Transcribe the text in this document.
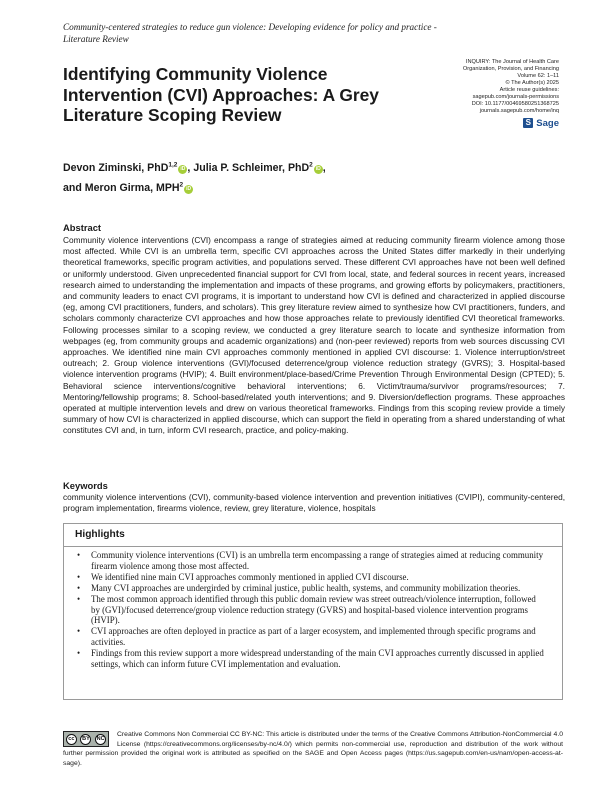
Community-centered strategies to reduce gun violence: Developing evidence for policy and practice - Literature Review
INQUIRY: The Journal of Health Care
Organization, Provision, and Financing
Volume 62: 1–11
© The Author(s) 2025
Article reuse guidelines:
sagepub.com/journals-permissions
DOI: 10.1177/00469580251368725
journals.sagepub.com/home/inq
S Sage
Identifying Community Violence Intervention (CVI) Approaches: A Grey Literature Scoping Review
Devon Ziminski, PhD$^{1,2}$iD , Julia P. Schleimer, PhD$^2$iD ,
and Meron Girma, MPH$^2$iD
Abstract

Community violence interventions (CVI) encompass a range of strategies aimed at reducing community firearm violence among those most affected. While CVI is an umbrella term, specific CVI approaches across the United States differ markedly in their underlying theoretical frameworks, specific program activities, and populations served. These different CVI approaches have not been well defined or uniformly understood. Given unprecedented financial support for CVI from local, state, and federal sources in recent years, increased research aimed to understanding the implementation and impacts of these programs, and growing efforts by policymakers, practitioners, and community leaders to enact CVI programs, it is important to understand how CVI is defined and characterized in applied discourse (eg, among CVI practitioners, funders, and scholars). This grey literature review aimed to synthesize how CVI practitioners, funders, and scholars commonly characterize CVI approaches and how those approaches relate to previously identified CVI theoretical frameworks. Following processes similar to a scoping review, we conducted a grey literature search to locate and synthesize information from webpages (eg, from community groups and academic organizations) and (non-peer reviewed) reports from web sources discussing CVI approaches. We identified nine main CVI approaches commonly mentioned in applied CVI discourse: 1. Violence interruption/street outreach; 2. Group violence interventions (GVI)/focused deterrence/group violence reduction strategy (GVRS); 3. Hospital-based violence intervention programs (HVIP); 4. Built environment/place-based/Crime Prevention Through Environmental Design (CPTED); 5. Behavioral science interventions/cognitive behavioral interventions; 6. Victim/trauma/survivor programs/resources; 7. Mentoring/fellowship programs; 8. School-based/related youth interventions; and 9. Diversion/deflection programs. These approaches operated at multiple intervention levels and drew on various theoretical frameworks. Findings from this scoping review provide a timely summary of how CVI is characterized in applied discourse, which can support the field in operating from a shared understanding of what constitutes CVI and, in turn, inform CVI research, practice, and policy-making.

Keywords

community violence interventions (CVI), community-based violence intervention and prevention initiatives (CVIPI), community-centered, program implementation, firearms violence, review, grey literature, violence, hospitals

Highlights
• Community violence interventions (CVI) is an umbrella term encompassing a range of strategies aimed at reducing community firearm violence among those most affected.
• We identified nine main CVI approaches commonly mentioned in applied CVI discourse.
• Many CVI approaches are undergirded by criminal justice, public health, systems, and community mobilization theories.
• The most common approach identified through this public domain review was street outreach/violence interruption, followed by (GVI)/focused deterrence/group violence reduction strategy (GVRS) and hospital-based violence intervention programs (HVIP).
• CVI approaches are often deployed in practice as part of a larger ecosystem, and implemented through specific programs and activities.
• Findings from this review support a more widespread understanding of the main CVI approaches currently discussed in applied settings, which can inform future CVI implementation and evaluation.

cc	BY	NC
Creative Commons Non Commercial CC BY-NC: This article is distributed under the terms of the Creative Commons Attribution-NonCommercial 4.0 License (https://creativecommons.org/licenses/by-nc/4.0/) which permits non-commercial use, reproduction and distribution of the work without further permission provided the original work is attributed as specified on the SAGE and Open Access pages (https://us.sagepub.com/en-us/nam/open-access-at-sage).
